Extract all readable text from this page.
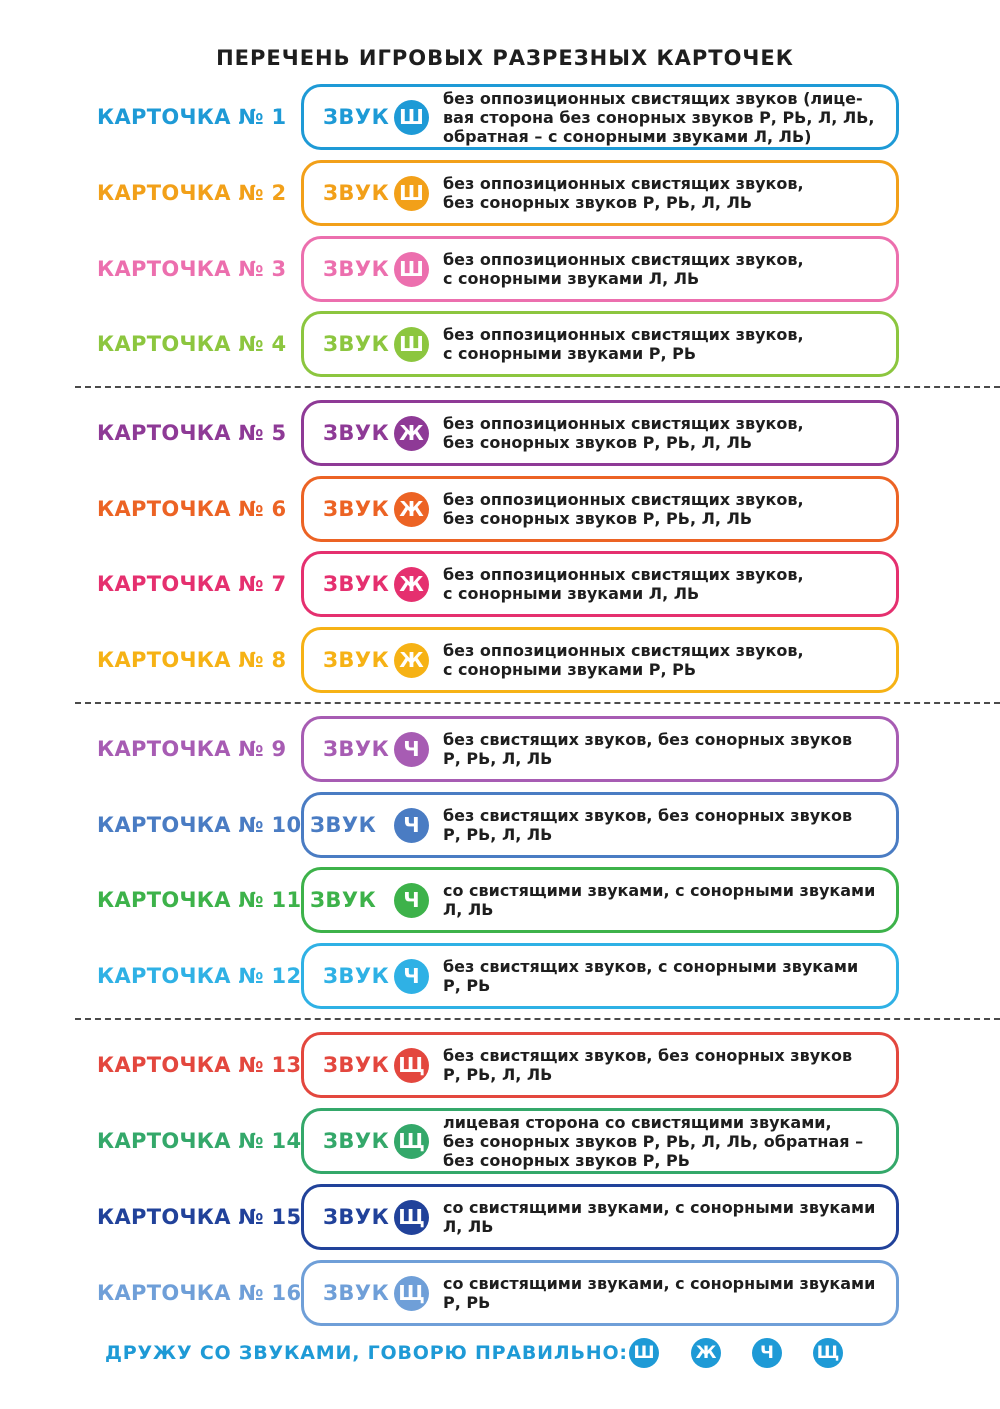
ПЕРЕЧЕНЬ ИГРОВЫХ РАЗРЕЗНЫХ КАРТОЧЕК
КАРТОЧКА № 1 ЗВУК Ш
без оппозиционных свистящих звуков (лице-
вая сторона без сонорных звуков Р, РЬ, Л, ЛЬ,
обратная – с сонорными звуками Л, ЛЬ)
КАРТОЧКА № 2 ЗВУК Ш	без оппозиционных свистящих звуков,
без сонорных звуков Р, РЬ, Л, ЛЬ
КАРТОЧКА № 3 ЗВУК Ш	без оппозиционных свистящих звуков,
с сонорными звуками Л, ЛЬ
КАРТОЧКА № 4 ЗВУК Ш	без оппозиционных свистящих звуков,
с сонорными звуками Р, РЬ
КАРТОЧКА № 5 ЗВУК Ж	без оппозиционных свистящих звуков,
без сонорных звуков Р, РЬ, Л, ЛЬ
КАРТОЧКА № 6 ЗВУК Ж	без оппозиционных свистящих звуков,
без сонорных звуков Р, РЬ, Л, ЛЬ
КАРТОЧКА № 7 ЗВУК Ж	без оппозиционных свистящих звуков,
с сонорными звуками Л, ЛЬ
КАРТОЧКА № 8 ЗВУК Ж	без оппозиционных свистящих звуков,
с сонорными звуками Р, РЬ
КАРТОЧКА № 9 ЗВУК Ч	без свистящих звуков, без сонорных звуков
Р, РЬ, Л, ЛЬ
КАРТОЧКА № 10 ЗВУК	Ч	без свистящих звуков, без сонорных звуков
Р, РЬ, Л, ЛЬ
КАРТОЧКА № 11 ЗВУК	Ч	со свистящими звуками, с сонорными звуками
Л, ЛЬ
КАРТОЧКА № 12 ЗВУК Ч	без свистящих звуков, с сонорными звуками
Р, РЬ
КАРТОЧКА № 13 ЗВУК Щ без свистящих звуков, без сонорных звуков
Р, РЬ, Л, ЛЬ
КАРТОЧКА № 14 ЗВУК Щ
лицевая сторона со свистящими звуками,
без сонорных звуков Р, РЬ, Л, ЛЬ, обратная –
без сонорных звуков Р, РЬ
КАРТОЧКА № 15 ЗВУК Щ со свистящими звуками, с сонорными звуками
Л, ЛЬ
КАРТОЧКА № 16 ЗВУК Щ со свистящими звуками, с сонорными звуками
Р, РЬ
ДРУЖУ СО ЗВУКАМИ, ГОВОРЮ ПРАВИЛЬНО: Ш Ж	Ч	Щ
